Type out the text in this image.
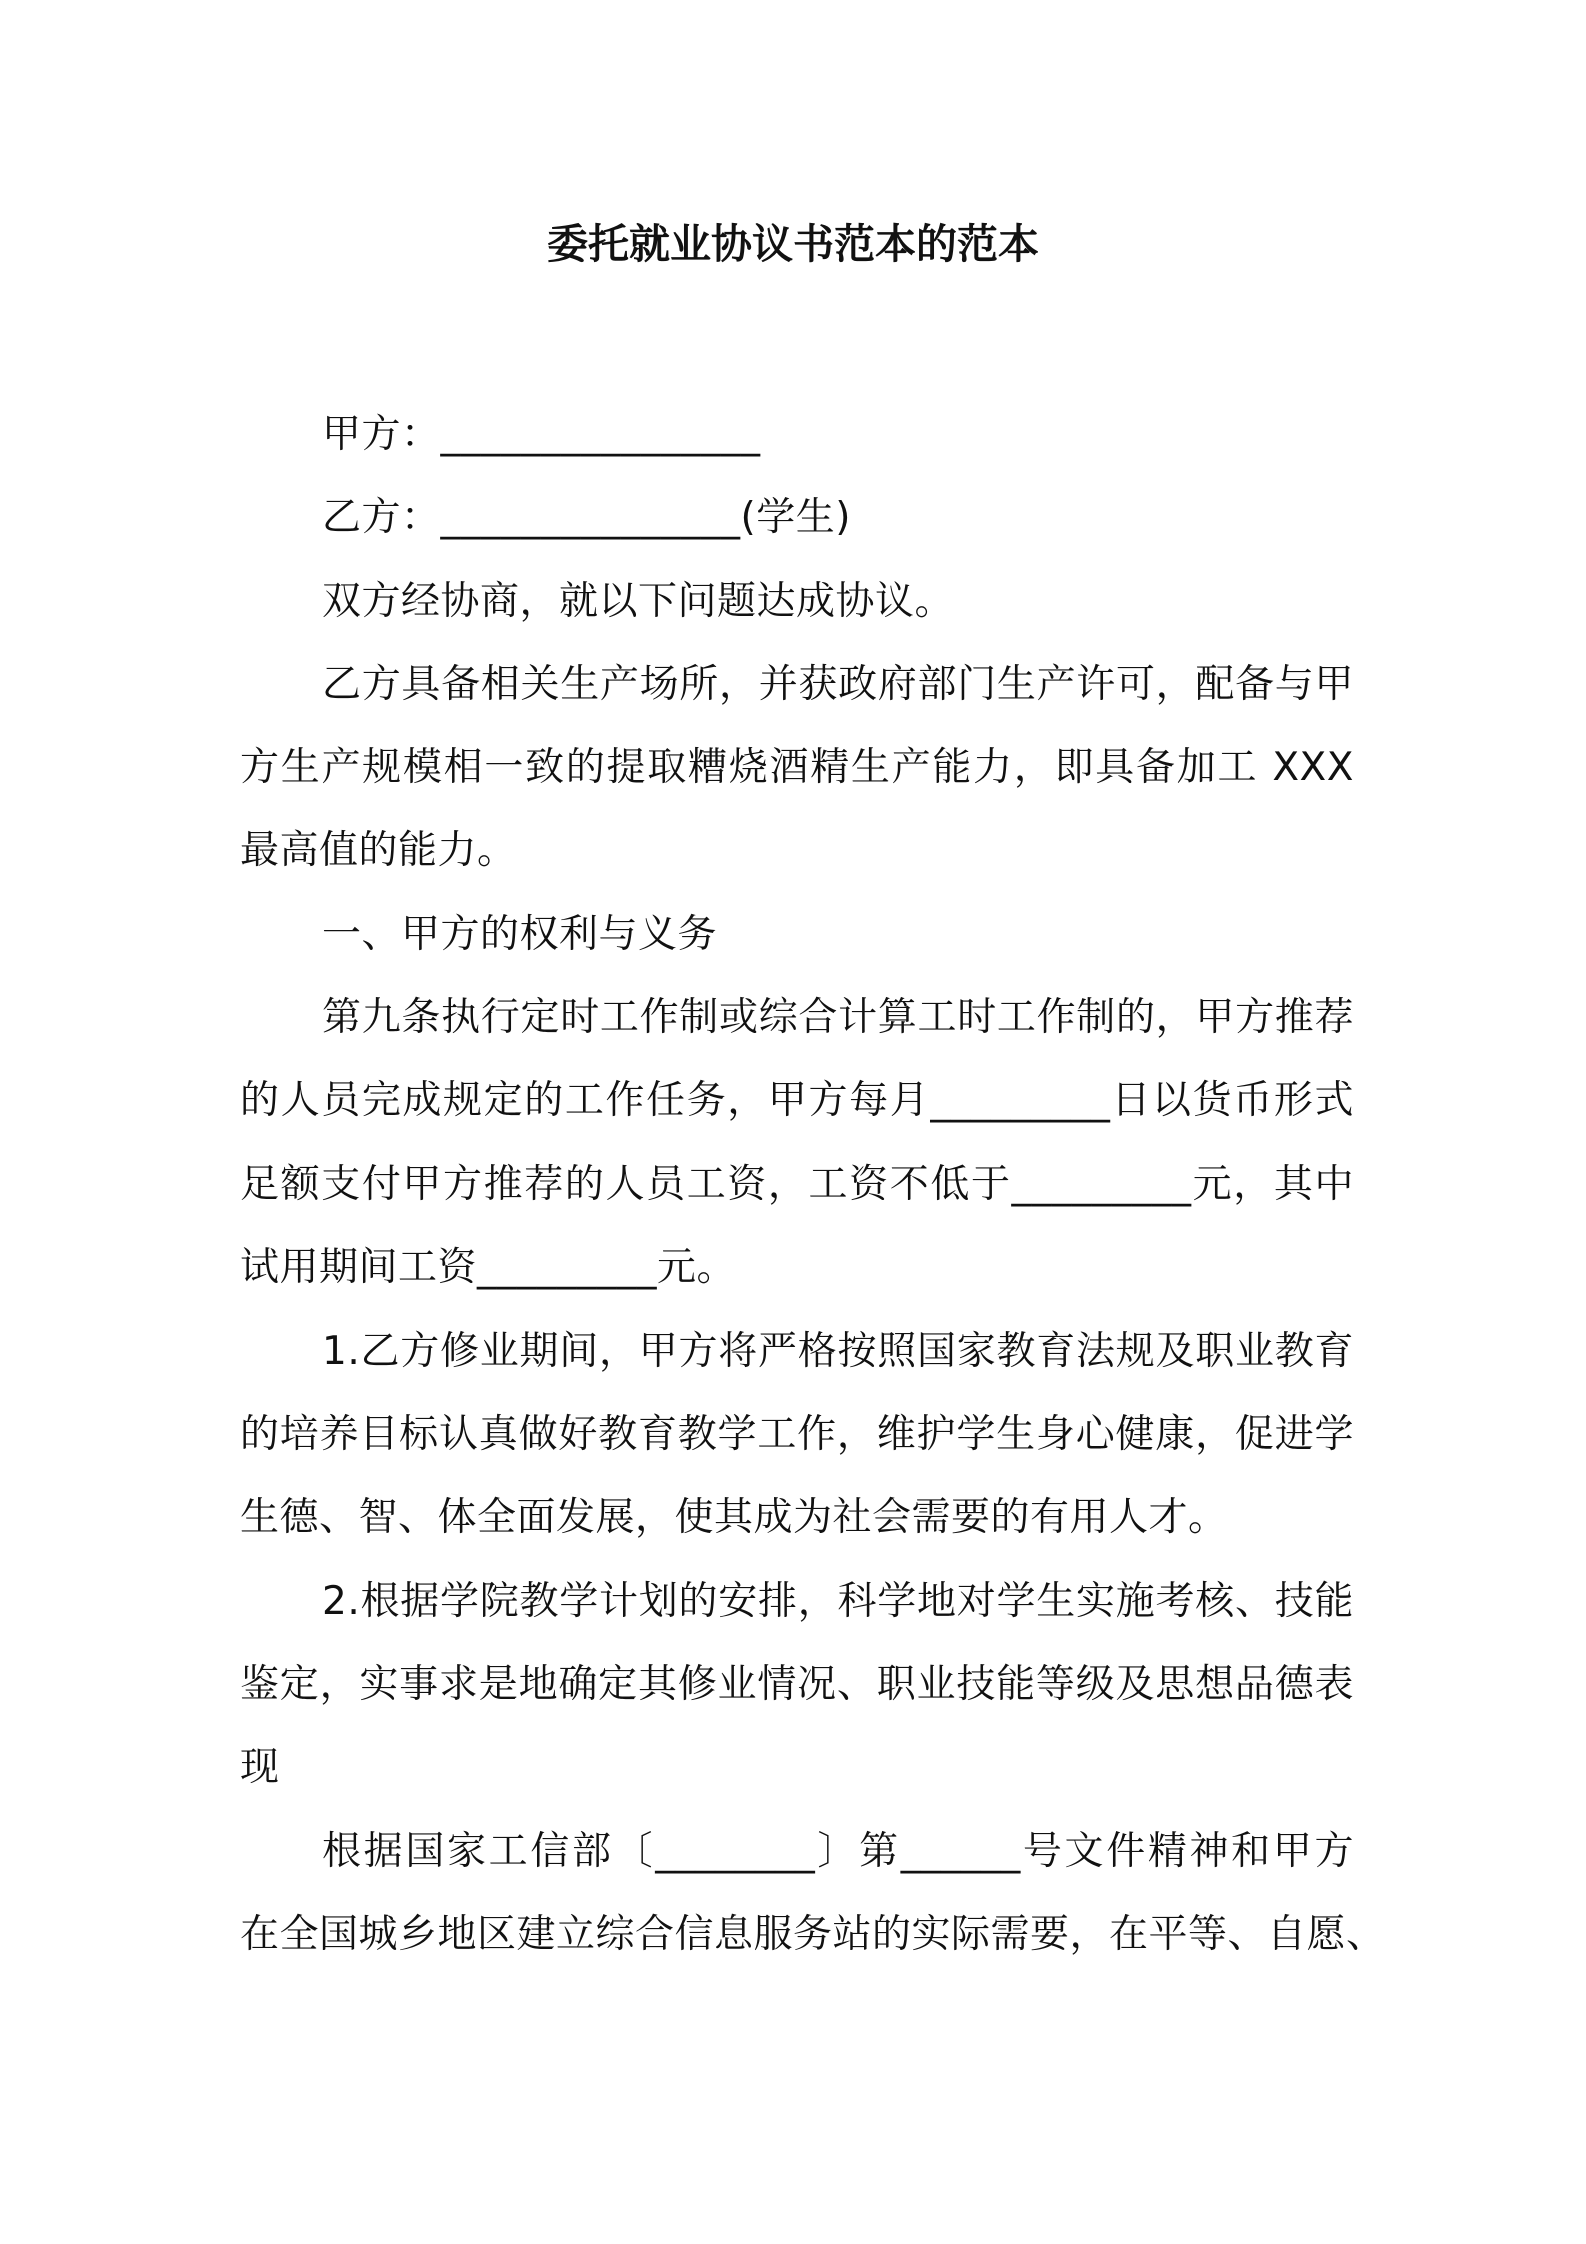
委托就业协议书范本的范本
甲方：________________
乙方：_______________(学生)
双方经协商，就以下问题达成协议。
乙方具备相关生产场所，并获政府部门生产许可，配备与甲
方生产规模相一致的提取糟烧酒精生产能力，即具备加工 XXX
最高值的能力。
一、甲方的权利与义务
第九条执行定时工作制或综合计算工时工作制的，甲方推荐
的人员完成规定的工作任务，甲方每月_________日以货币形式
足额支付甲方推荐的人员工资，工资不低于_________元，其中
试用期间工资_________元。
1.乙方修业期间，甲方将严格按照国家教育法规及职业教育
的培养目标认真做好教育教学工作，维护学生身心健康，促进学
生德、智、体全面发展，使其成为社会需要的有用人才。
2.根据学院教学计划的安排，科学地对学生实施考核、技能
鉴定，实事求是地确定其修业情况、职业技能等级及思想品德表
现
根据国家工信部〔________〕第______号文件精神和甲方
在全国城乡地区建立综合信息服务站的实际需要，在平等、自愿、
